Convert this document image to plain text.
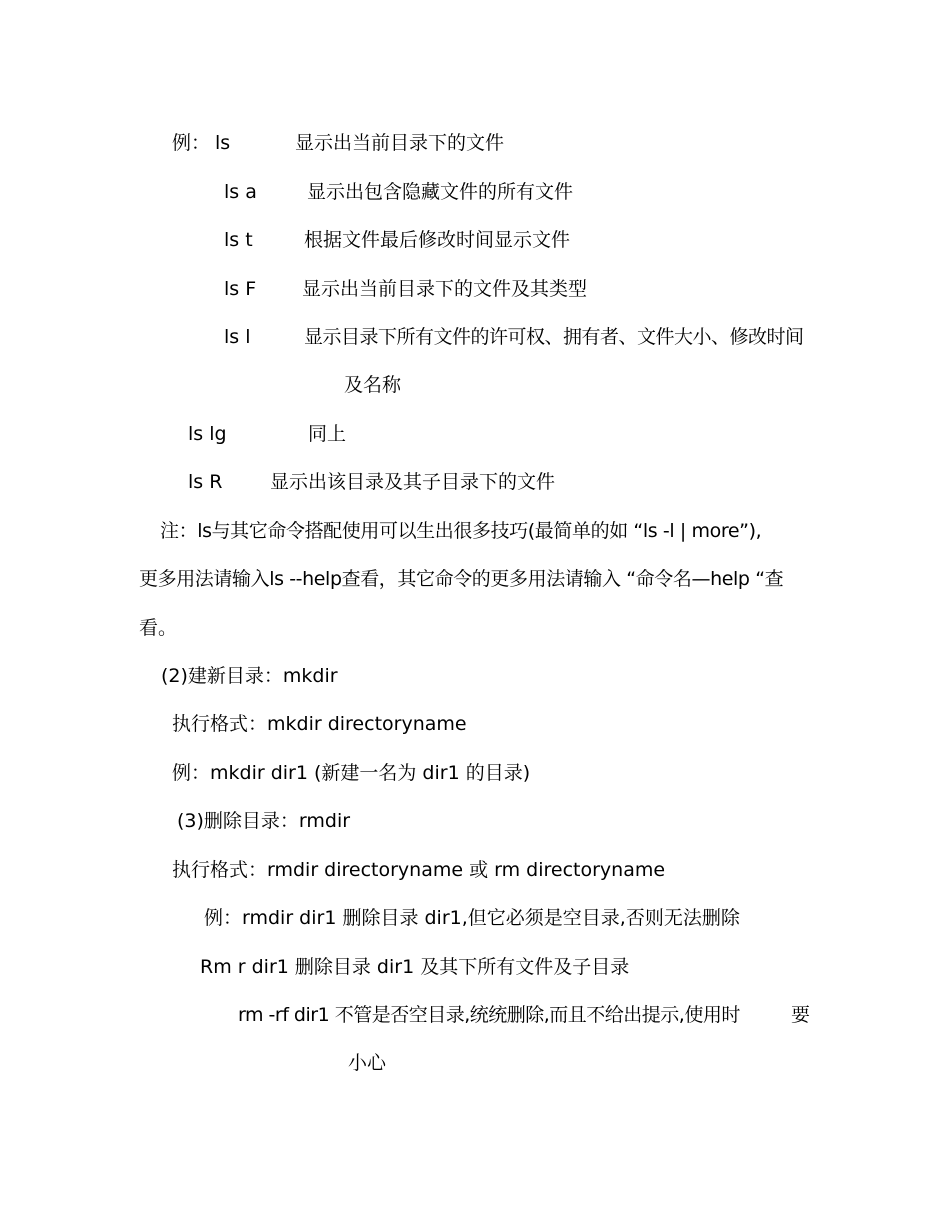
例： ls	显示出当前目录下的文件
ls a	显示出包含隐藏文件的所有文件
ls t	根据文件最后修改时间显示文件
ls F 显示出当前目录下的文件及其类型
ls l	显示目录下所有文件的许可权、拥有者、文件大小、修改时间
及名称
ls lg	同上
ls R	显示出该目录及其子目录下的文件
注：ls与其它命令搭配使用可以生出很多技巧(最简单的如 “ls -l | more”),
更多用法请输入ls --help查看，其它命令的更多用法请输入 “命令名—help “查
看。
(2)建新目录：mkdir
执行格式：mkdir directoryname
例：mkdir dir1 (新建一名为 dir1 的目录)
(3)删除目录：rmdir
执行格式：rmdir directoryname 或 rm directoryname
例：rmdir dir1 删除目录 dir1,但它必须是空目录,否则无法删除
Rm r dir1 删除目录 dir1 及其下所有文件及子目录
rm -rf dir1 不管是否空目录,统统删除,而且不给出提示,使用时	要
小心
